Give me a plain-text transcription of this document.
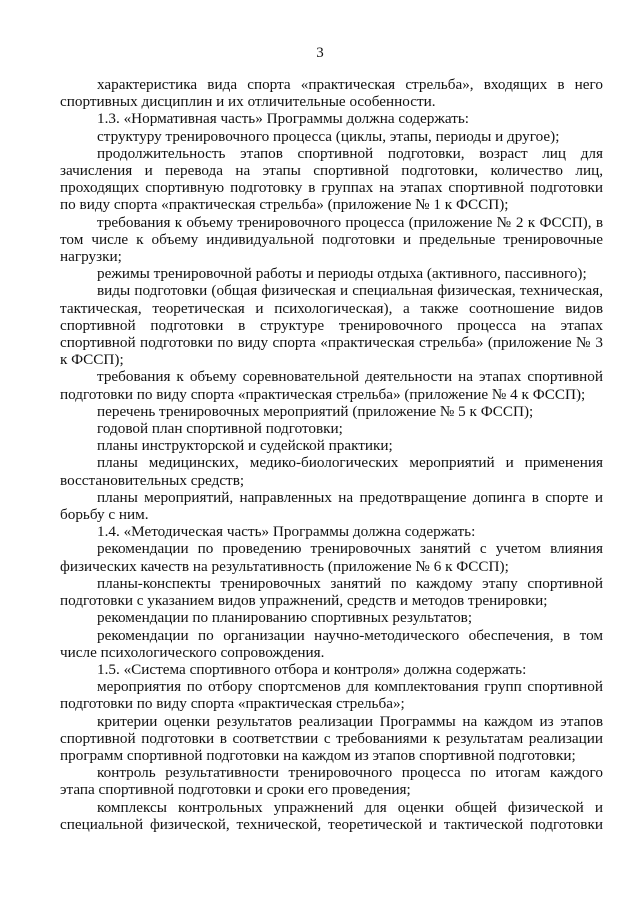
3

характеристика вида спорта «практическая стрельба», входящих в него спортивных дисциплин и их отличительные особенности.

1.3. «Нормативная часть» Программы должна содержать:

структуру тренировочного процесса (циклы, этапы, периоды и другое);

продолжительность этапов спортивной подготовки, возраст лиц для зачисления и перевода на этапы спортивной подготовки, количество лиц, проходящих спортивную подготовку в группах на этапах спортивной подготовки по виду спорта «практическая стрельба» (приложение № 1 к ФССП);

требования к объему тренировочного процесса (приложение № 2 к ФССП), в том числе к объему индивидуальной подготовки и предельные тренировочные нагрузки;

режимы тренировочной работы и периоды отдыха (активного, пассивного);

виды подготовки (общая физическая и специальная физическая, техническая, тактическая, теоретическая и психологическая), а также соотношение видов спортивной подготовки в структуре тренировочного процесса на этапах спортивной подготовки по виду спорта «практическая стрельба» (приложение № 3 к ФССП);

требования к объему соревновательной деятельности на этапах спортивной подготовки по виду спорта «практическая стрельба» (приложение № 4 к ФССП);

перечень тренировочных мероприятий (приложение № 5 к ФССП);

годовой план спортивной подготовки;

планы инструкторской и судейской практики;

планы медицинских, медико-биологических мероприятий и применения восстановительных средств;

планы мероприятий, направленных на предотвращение допинга в спорте и борьбу с ним.

1.4. «Методическая часть» Программы должна содержать:

рекомендации по проведению тренировочных занятий с учетом влияния физических качеств на результативность (приложение № 6 к ФССП);

планы-конспекты тренировочных занятий по каждому этапу спортивной подготовки с указанием видов упражнений, средств и методов тренировки;

рекомендации по планированию спортивных результатов;

рекомендации по организации научно-методического обеспечения, в том числе психологического сопровождения.

1.5. «Система спортивного отбора и контроля» должна содержать:

мероприятия по отбору спортсменов для комплектования групп спортивной подготовки по виду спорта «практическая стрельба»;

критерии оценки результатов реализации Программы на каждом из этапов спортивной подготовки в соответствии с требованиями к результатам реализации программ спортивной подготовки на каждом из этапов спортивной подготовки;

контроль результативности тренировочного процесса по итогам каждого этапа спортивной подготовки и сроки его проведения;

комплексы контрольных упражнений для оценки общей физической и специальной физической, технической, теоретической и тактической подготовки
